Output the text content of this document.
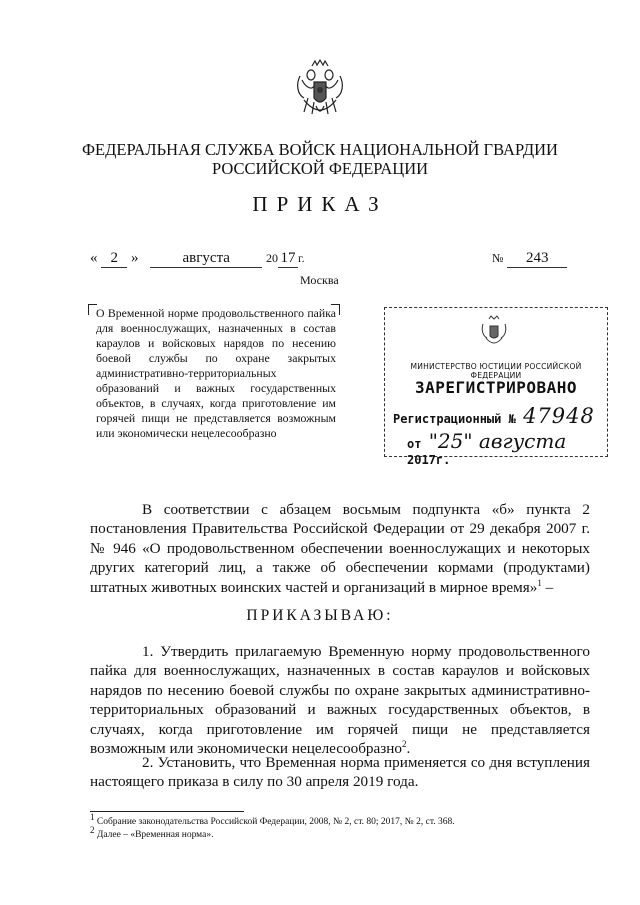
ФЕДЕРАЛЬНАЯ СЛУЖБА ВОЙСК НАЦИОНАЛЬНОЙ ГВАРДИИ
РОССИЙСКОЙ ФЕДЕРАЦИИ
ПРИКАЗ
« 2 »	августа	20 17 г.	№ 243
Москва

О Временной норме продовольственного пайка для военнослужащих, назначенных в состав караулов и войсковых нарядов по несению боевой службы по охране закрытых административно-территориальных образований и важных государственных объектов, в случаях, когда приготовление им горячей пищи не представляется возможным или экономически нецелесообразно

МИНИСТЕРСТВО ЮСТИЦИИ РОССИЙСКОЙ ФЕДЕРАЦИИ
ЗАРЕГИСТРИРОВАНО
Регистрационный № 47948
от "25" августа 2017г.

В соответствии с абзацем восьмым подпункта «б» пункта 2 постановления Правительства Российской Федерации от 29 декабря 2007 г. № 946 «О продовольственном обеспечении военнослужащих и некоторых других категорий лиц, а также об обеспечении кормами (продуктами) штатных животных воинских частей и организаций в мирное время»$^1$ –

ПРИКАЗЫВАЮ:

1. Утвердить прилагаемую Временную норму продовольственного пайка для военнослужащих, назначенных в состав караулов и войсковых нарядов по несению боевой службы по охране закрытых административно-территориальных образований и важных государственных объектов, в случаях, когда приготовление им горячей пищи не представляется возможным или экономически нецелесообразно$^2$.

2. Установить, что Временная норма применяется со дня вступления настоящего приказа в силу по 30 апреля 2019 года.

$^1$ Собрание законодательства Российской Федерации, 2008, № 2, ст. 80; 2017, № 2, ст. 368.

$^2$ Далее – «Временная норма».
